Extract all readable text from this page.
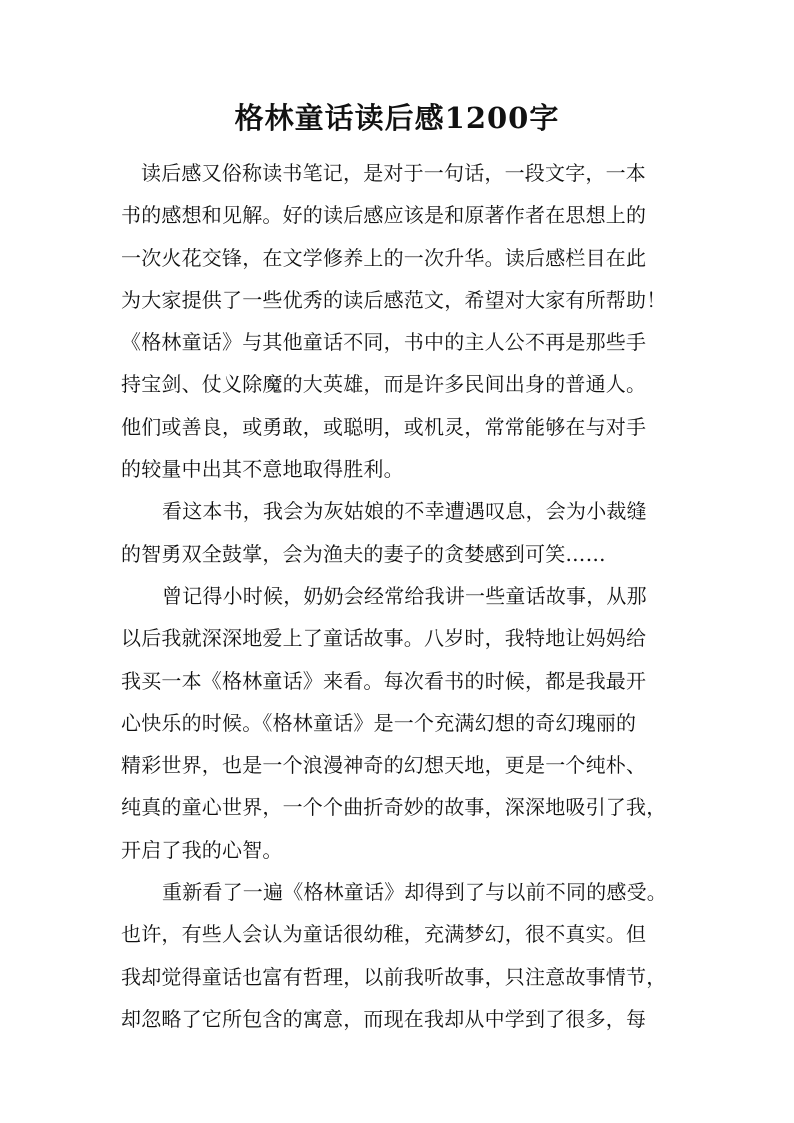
格林童话读后感1200字

读后感又俗称读书笔记，是对于一句话，一段文字，一本

书的感想和见解。好的读后感应该是和原著作者在思想上的

一次火花交锋，在文学修养上的一次升华。读后感栏目在此

为大家提供了一些优秀的读后感范文，希望对大家有所帮助！

《格林童话》与其他童话不同，书中的主人公不再是那些手

持宝剑、仗义除魔的大英雄，而是许多民间出身的普通人。

他们或善良，或勇敢，或聪明，或机灵，常常能够在与对手

的较量中出其不意地取得胜利。

看这本书，我会为灰姑娘的不幸遭遇叹息，会为小裁缝

的智勇双全鼓掌，会为渔夫的妻子的贪婪感到可笑……

曾记得小时候，奶奶会经常给我讲一些童话故事，从那

以后我就深深地爱上了童话故事。八岁时，我特地让妈妈给

我买一本《格林童话》来看。每次看书的时候，都是我最开

心快乐的时候。《格林童话》是一个充满幻想的奇幻瑰丽的

精彩世界，也是一个浪漫神奇的幻想天地，更是一个纯朴、

纯真的童心世界，一个个曲折奇妙的故事，深深地吸引了我，

开启了我的心智。

重新看了一遍《格林童话》却得到了与以前不同的感受。

也许，有些人会认为童话很幼稚，充满梦幻，很不真实。但

我却觉得童话也富有哲理，以前我听故事，只注意故事情节，

却忽略了它所包含的寓意，而现在我却从中学到了很多，每
